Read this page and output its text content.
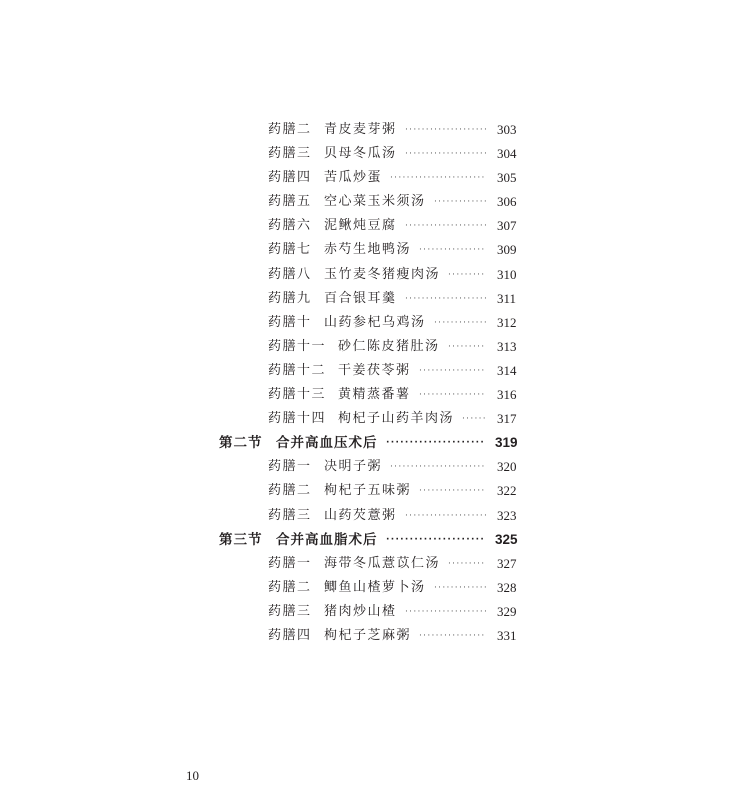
药膳二 青皮麦芽粥 ···················· 303
药膳三 贝母冬瓜汤 ···················· 304
药膳四 苦瓜炒蛋 ······················· 305
药膳五 空心菜玉米须汤 ············· 306
药膳六 泥鳅炖豆腐 ···················· 307
药膳七 赤芍生地鸭汤 ················ 309
药膳八 玉竹麦冬猪瘦肉汤 ········· 310
药膳九 百合银耳羹 ···················· 311
药膳十 山药参杞乌鸡汤 ············· 312
药膳十一 砂仁陈皮猪肚汤 ········· 313
药膳十二 干姜茯苓粥 ················ 314
药膳十三 黄精蒸番薯 ················ 316
药膳十四 枸杞子山药羊肉汤 ······ 317
第二节 合并高血压术后 ····················· 319
药膳一 决明子粥 ······················· 320
药膳二 枸杞子五味粥 ················ 322
药膳三 山药芡薏粥 ···················· 323
第三节 合并高血脂术后 ····················· 325
药膳一 海带冬瓜薏苡仁汤 ········· 327
药膳二 鲫鱼山楂萝卜汤 ············· 328
药膳三 猪肉炒山楂 ···················· 329
药膳四 枸杞子芝麻粥 ················ 331
10
